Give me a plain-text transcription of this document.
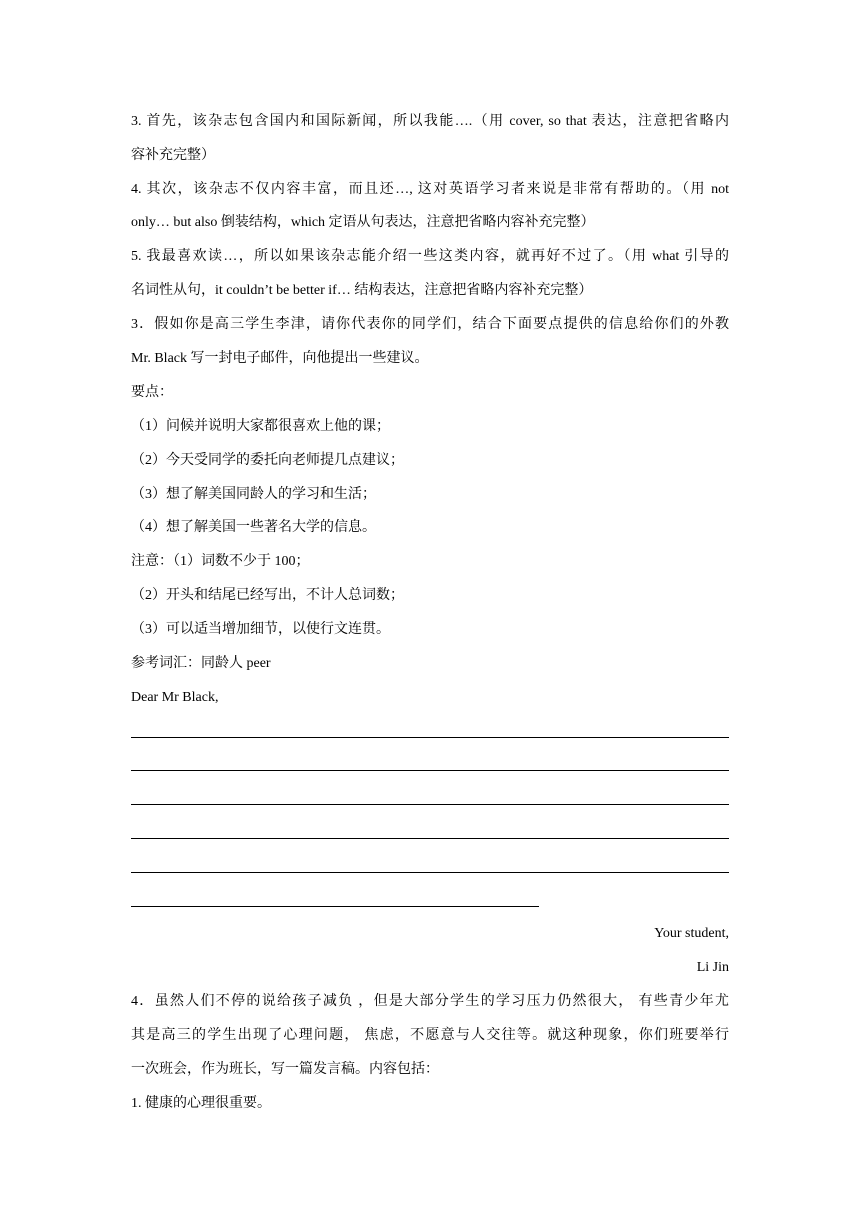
3. 首先，该杂志包含国内和国际新闻，所以我能….（用 cover, so that 表达，注意把省略内
容补充完整）
4. 其次，该杂志不仅内容丰富，而且还…, 这对英语学习者来说是非常有帮助的。（用 not
only… but also 倒装结构，which 定语从句表达，注意把省略内容补充完整）
5. 我最喜欢读…，所以如果该杂志能介绍一些这类内容，就再好不过了。（用 what 引导的
名词性从句，it couldn’t be better if… 结构表达，注意把省略内容补充完整）
3．假如你是高三学生李津，请你代表你的同学们，结合下面要点提供的信息给你们的外教
Mr. Black 写一封电子邮件，向他提出一些建议。
要点：
（1）问候并说明大家都很喜欢上他的课；
（2）今天受同学的委托向老师提几点建议；
（3）想了解美国同龄人的学习和生活；
（4）想了解美国一些著名大学的信息。
注意：（1）词数不少于 100；
（2）开头和结尾已经写出，不计人总词数；
（3）可以适当增加细节，以使行文连贯。
参考词汇：同龄人 peer
Dear Mr Black,
Your student,
Li Jin
4．虽然人们不停的说给孩子减负 ，但是大部分学生的学习压力仍然很大， 有些青少年尤
其是高三的学生出现了心理问题， 焦虑，不愿意与人交往等。就这种现象，你们班要举行
一次班会，作为班长，写一篇发言稿。内容包括：
1. 健康的心理很重要。
